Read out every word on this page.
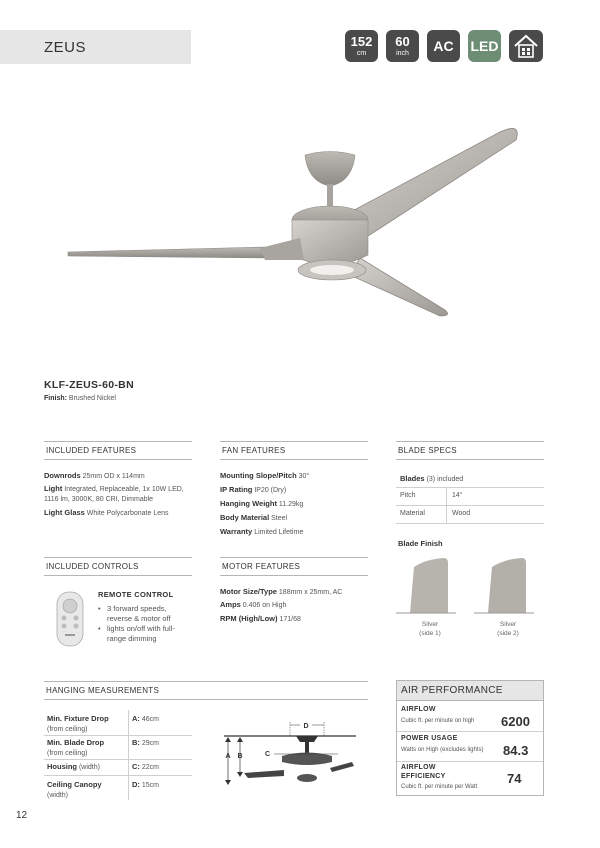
ZEUS	152
cm
60
inch	AC	LED
KLF-ZEUS-60-BN
Finish: Brushed Nickel
INCLUDED FEATURES	FAN FEATURES	BLADE SPECS
Downrods 25mm OD x 114mm
Light Integrated, Replaceable, 1x 10W LED,
1116 lm, 3000K, 80 CRI, Dimmable
Light Glass White Polycarbonate Lens
Mounting Slope/Pitch 30°
IP Rating IP20 (Dry)
Hanging Weight 11.29kg
Body Material Steel
Warranty Limited Lifetime
Blades (3) included
Pitch	14°
Material	Wood
Blade Finish
Silver
(side 1)
Silver
(side 2)
INCLUDED CONTROLS	MOTOR FEATURES
REMOTE CONTROL
• 3 forward speeds, reverse & motor off
• lights on/off with full-range dimming
Motor Size/Type 188mm x 25mm, AC
Amps 0.406 on High
RPM (High/Low) 171/68
HANGING MEASUREMENTS
Min. Fixture Drop
(from ceiling)
A: 46cm
Min. Blade Drop
(from ceiling)
B: 29cm
Housing (width)	C: 22cm
Ceiling Canopy
(width)
D: 15cm
D
C
A B
AIR PERFORMANCE
AIRFLOW
Cubic ft. per minute on high 6200
POWER USAGE
Watts on High (excludes lights) 84.3
AIRFLOW
EFFICIENCY
Cubic ft. per minute per Watt
74
12
